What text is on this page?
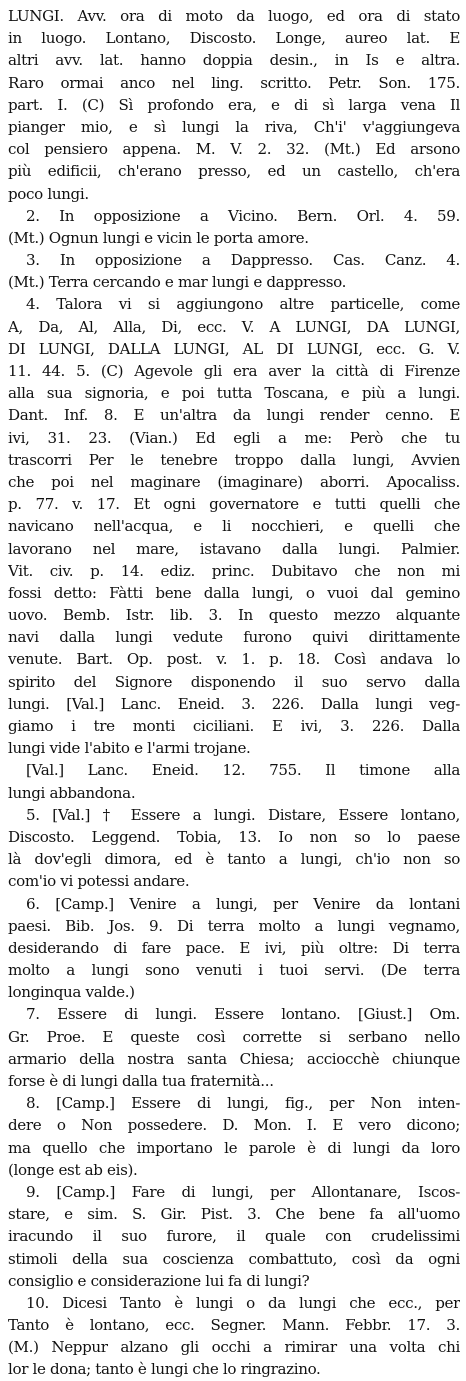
LUNGI. Avv. ora di moto da luogo, ed ora di stato
in luogo. Lontano, Discosto. Longe, aureo lat. E
altri avv. lat. hanno doppia desin., in Is e altra.
Raro ormai anco nel ling. scritto. Petr. Son. 175.
part. I. (C) Sì profondo era, e di sì larga vena Il
pianger mio, e sì lungi la riva, Ch'i' v'aggiungeva
col pensiero appena. M. V. 2. 32. (Mt.) Ed arsono
più edificii, ch'erano presso, ed un castello, ch'era
poco lungi.
2. In opposizione a Vicino. Bern. Orl. 4. 59.
(Mt.) Ognun lungi e vicin le porta amore.
3. In opposizione a Dappresso. Cas. Canz. 4.
(Mt.) Terra cercando e mar lungi e dappresso.
4. Talora vi si aggiungono altre particelle, come
A, Da, Al, Alla, Di, ecc. V. A LUNGI, DA LUNGI,
DI LUNGI, DALLA LUNGI, AL DI LUNGI, ecc. G. V.
11. 44. 5. (C) Agevole gli era aver la città di Firenze
alla sua signoria, e poi tutta Toscana, e più a lungi.
Dant. Inf. 8. E un'altra da lungi render cenno. E
ivi, 31. 23. (Vian.) Ed egli a me: Però che tu
trascorri Per le tenebre troppo dalla lungi, Avvien
che poi nel maginare (imaginare) aborri. Apocaliss.
p. 77. v. 17. Et ogni governatore e tutti quelli che
navicano nell'acqua, e li nocchieri, e quelli che
lavorano nel mare, istavano dalla lungi. Palmier.
Vit. civ. p. 14. ediz. princ. Dubitavo che non mi
fossi detto: Fàtti bene dalla lungi, o vuoi dal gemino
uovo. Bemb. Istr. lib. 3. In questo mezzo alquante
navi dalla lungi vedute furono quivi dirittamente
venute. Bart. Op. post. v. 1. p. 18. Così andava lo
spirito del Signore disponendo il suo servo dalla
lungi. [Val.] Lanc. Eneid. 3. 226. Dalla lungi veg-
giamo i tre monti ciciliani. E ivi, 3. 226. Dalla
lungi vide l'abito e l'armi trojane.
[Val.] Lanc. Eneid. 12. 755. Il timone alla
lungi abbandona.
5. [Val.] † Essere a lungi. Distare, Essere lontano,
Discosto. Leggend. Tobia, 13. Io non so lo paese
là dov'egli dimora, ed è tanto a lungi, ch'io non so
com'io vi potessi andare.
6. [Camp.] Venire a lungi, per Venire da lontani
paesi. Bib. Jos. 9. Di terra molto a lungi vegnamo,
desiderando di fare pace. E ivi, più oltre: Di terra
molto a lungi sono venuti i tuoi servi. (De terra
longinqua valde.)
7. Essere di lungi. Essere lontano. [Giust.] Om.
Gr. Proe. E queste così corrette si serbano nello
armario della nostra santa Chiesa; acciocchè chiunque
forse è di lungi dalla tua fraternità...
8. [Camp.] Essere di lungi, fig., per Non inten-
dere o Non possedere. D. Mon. I. E vero dicono;
ma quello che importano le parole è di lungi da loro
(longe est ab eis).
9. [Camp.] Fare di lungi, per Allontanare, Iscos-
stare, e sim. S. Gir. Pist. 3. Che bene fa all'uomo
iracundo il suo furore, il quale con crudelissimi
stimoli della sua coscienza combattuto, così da ogni
consiglio e considerazione lui fa di lungi?
10. Dicesi Tanto è lungi o da lungi che ecc., per
Tanto è lontano, ecc. Segner. Mann. Febbr. 17. 3.
(M.) Neppur alzano gli occhi a rimirar una volta chi
lor le dona; tanto è lungi che lo ringrazino.
